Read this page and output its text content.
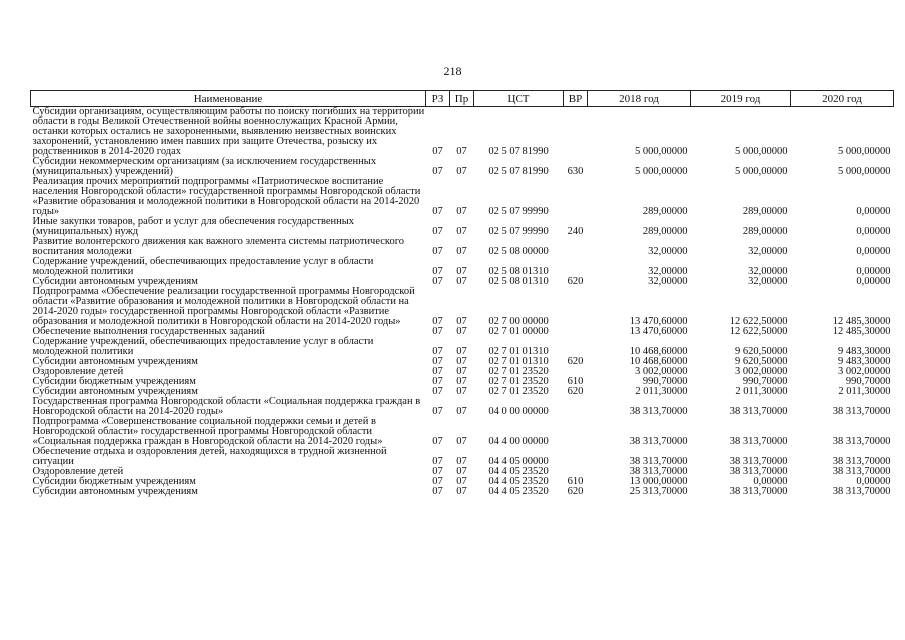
218
Наименование	РЗ	Пр	ЦСТ	ВР	2018 год	2019 год	2020 год
Субсидии организациям, осуществляющим работы по поиску погибших на территории области в годы Великой Отечественной войны военнослужащих Красной Армии, останки которых остались не захороненными, выявлению неизвестных воинских захоронений, установлению имен павших при защите Отечества, розыску их родственников в 2014-2020 годах	07	07	02 5 07 81990		5 000,00000	5 000,00000	5 000,00000
Субсидии некоммерческим организациям (за исключением государственных (муниципальных) учреждений)	07	07	02 5 07 81990	630	5 000,00000	5 000,00000	5 000,00000
Реализация прочих мероприятий подпрограммы «Патриотическое воспитание населения Новгородской области» государственной программы Новгородской области «Развитие образования и молодежной политики в Новгородской области на 2014-2020 годы»	07	07	02 5 07 99990		289,00000	289,00000	0,00000
Иные закупки товаров, работ и услуг для обеспечения государственных (муниципальных) нужд	07	07	02 5 07 99990	240	289,00000	289,00000	0,00000
Развитие волонтерского движения как важного элемента системы патриотического воспитания молодежи	07	07	02 5 08 00000		32,00000	32,00000	0,00000
Содержание учреждений, обеспечивающих предоставление услуг в области молодежной политики	07	07	02 5 08 01310		32,00000	32,00000	0,00000
Субсидии автономным учреждениям	07	07	02 5 08 01310	620	32,00000	32,00000	0,00000
Подпрограмма «Обеспечение реализации государственной программы Новгородской области «Развитие образования и молодежной политики в Новгородской области на 2014-2020 годы» государственной программы Новгородской области «Развитие образования и молодежной политики в Новгородской области на 2014-2020 годы»	07	07	02 7 00 00000		13 470,60000	12 622,50000	12 485,30000
Обеспечение выполнения государственных заданий	07	07	02 7 01 00000		13 470,60000	12 622,50000	12 485,30000
Содержание учреждений, обеспечивающих предоставление услуг в области молодежной политики	07	07	02 7 01 01310		10 468,60000	9 620,50000	9 483,30000
Субсидии автономным учреждениям	07	07	02 7 01 01310	620	10 468,60000	9 620,50000	9 483,30000
Оздоровление детей	07	07	02 7 01 23520		3 002,00000	3 002,00000	3 002,00000
Субсидии бюджетным учреждениям	07	07	02 7 01 23520	610	990,70000	990,70000	990,70000
Субсидии автономным учреждениям	07	07	02 7 01 23520	620	2 011,30000	2 011,30000	2 011,30000
Государственная программа Новгородской области «Социальная поддержка граждан в Новгородской области на 2014-2020 годы»	07	07	04 0 00 00000		38 313,70000	38 313,70000	38 313,70000
Подпрограмма «Совершенствование социальной поддержки семьи и детей в Новгородской области» государственной программы Новгородской области «Социальная поддержка граждан в Новгородской области на 2014-2020 годы»	07	07	04 4 00 00000		38 313,70000	38 313,70000	38 313,70000
Обеспечение отдыха и оздоровления детей, находящихся в трудной жизненной ситуации	07	07	04 4 05 00000		38 313,70000	38 313,70000	38 313,70000
Оздоровление детей	07	07	04 4 05 23520		38 313,70000	38 313,70000	38 313,70000
Субсидии бюджетным учреждениям	07	07	04 4 05 23520	610	13 000,00000	0,00000	0,00000
Субсидии автономным учреждениям	07	07	04 4 05 23520	620	25 313,70000	38 313,70000	38 313,70000
